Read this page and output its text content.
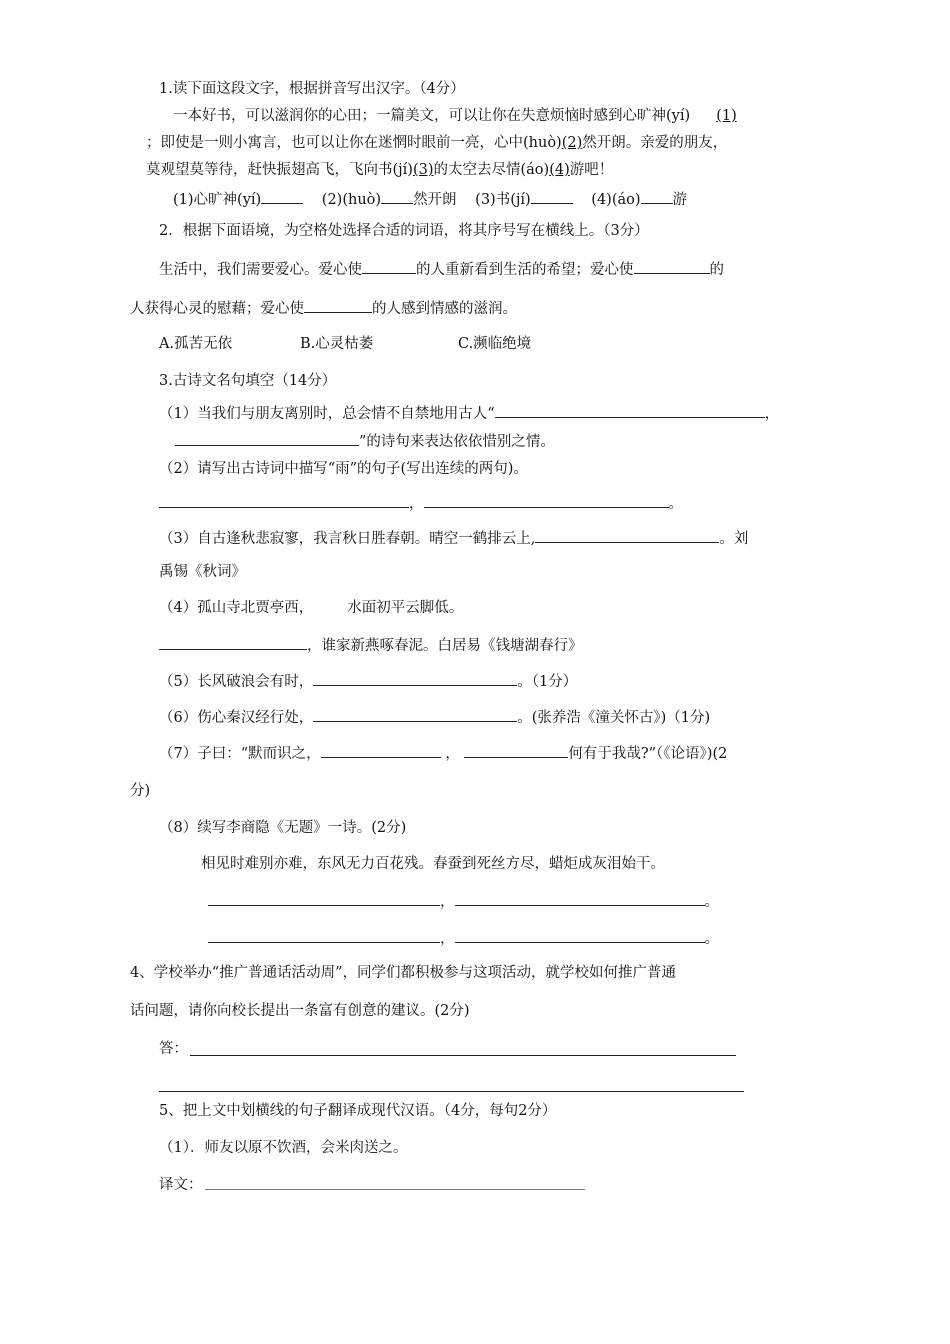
1.读下面这段文字，根据拼音写出汉字。（4分）
一本好书，可以滋润你的心田；一篇美文，可以让你在失意烦恼时感到心旷神(yí) (1)
；即使是一则小寓言，也可以让你在迷惘时眼前一亮，心中(huò)(2)然开朗。亲爱的朋友，
莫观望莫等待，赶快振翅高飞，飞向书(jí)(3)的太空去尽情(áo)(4)游吧！
(1)心旷神(yí)	(2)(huò) 然开朗 (3)书(jí)	(4)(áo) 游
2．根据下面语境，为空格处选择合适的词语，将其序号写在横线上。（3分）
生活中，我们需要爱心。爱心使	的人重新看到生活的希望；爱心使	的
人获得心灵的慰藉；爱心使	的人感到情感的滋润。
A.孤苦无依	B.心灵枯萎	C.濒临绝境
3.古诗文名句填空（14分）
（1）当我们与朋友离别时，总会情不自禁地用古人“	，
”的诗句来表达依依惜别之情。
（2）请写出古诗词中描写“雨”的句子(写出连续的两句)。
，	。
（3）自古逢秋悲寂寥，我言秋日胜春朝。晴空一鹤排云上,	。刘
禹锡《秋词》
（4）孤山寺北贾亭西， 水面初平云脚低。
，谁家新燕啄春泥。白居易《钱塘湖春行》
（5）长风破浪会有时，	。（1分）
（6）伤心秦汉经行处，	。(张养浩《潼关怀古》)（1分)
（7）子曰：“默而识之，	，	何有于我哉?”（《论语》)(2
分)
（8）续写李商隐《无题》一诗。(2分)
相见时难别亦难，东风无力百花残。春蚕到死丝方尽，蜡炬成灰泪始干。
，	。
，	。
4、学校举办“推广普通话活动周”，同学们都积极参与这项活动，就学校如何推广普通
话问题，请你向校长提出一条富有创意的建议。(2分)
答：
5、把上文中划横线的句子翻译成现代汉语。（4分，每句2分）
（1）．师友以原不饮酒，会米肉送之。
译文：
